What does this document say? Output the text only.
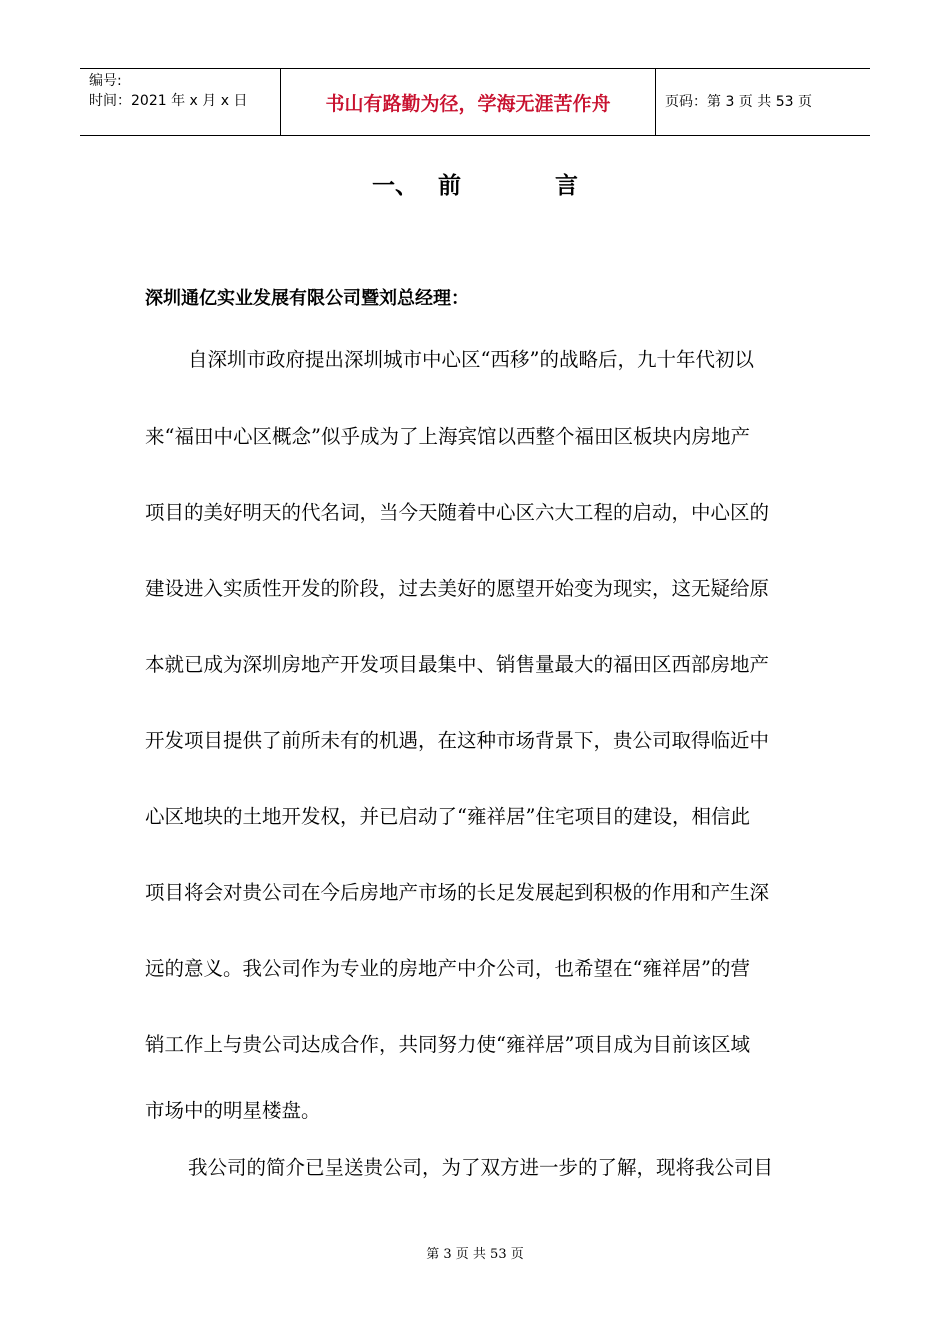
编号:
时间：2021 年 x 月 x 日	书山有路勤为径，学海无涯苦作舟	页码：第 3 页 共 53 页
一、 前	言
深圳通亿实业发展有限公司暨刘总经理：
自深圳市政府提出深圳城市中心区“西移”的战略后，九十年代初以
来“福田中心区概念”似乎成为了上海宾馆以西整个福田区板块内房地产
项目的美好明天的代名词，当今天随着中心区六大工程的启动，中心区的
建设进入实质性开发的阶段，过去美好的愿望开始变为现实，这无疑给原
本就已成为深圳房地产开发项目最集中、销售量最大的福田区西部房地产
开发项目提供了前所未有的机遇，在这种市场背景下，贵公司取得临近中
心区地块的土地开发权，并已启动了“雍祥居”住宅项目的建设，相信此
项目将会对贵公司在今后房地产市场的长足发展起到积极的作用和产生深
远的意义。我公司作为专业的房地产中介公司，也希望在“雍祥居”的营
销工作上与贵公司达成合作，共同努力使“雍祥居”项目成为目前该区域
市场中的明星楼盘。
我公司的简介已呈送贵公司，为了双方进一步的了解，现将我公司目
第 3 页 共 53 页
